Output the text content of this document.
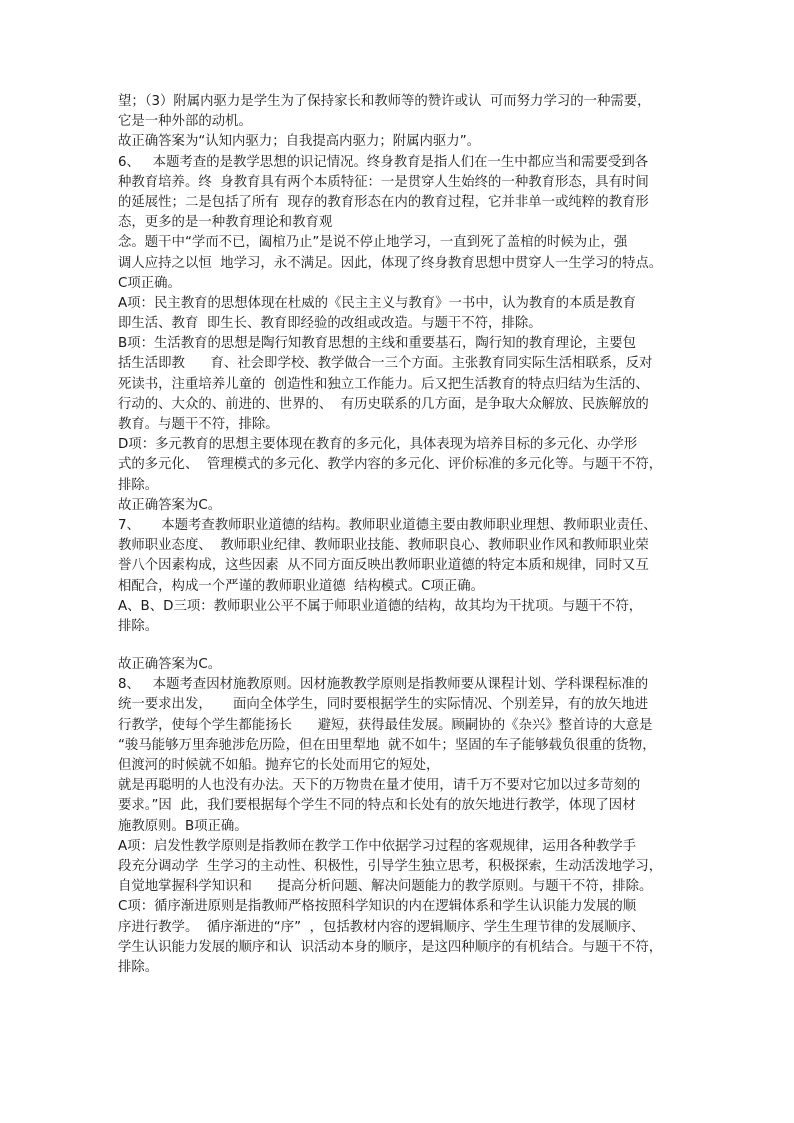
望；（3）附属内驱力是学生为了保持家长和教师等的赞许或认  可而努力学习的一种需要，
它是一种外部的动机。
故正确答案为“认知内驱力；自我提高内驱力；附属内驱力”。
6、   本题考查的是教学思想的识记情况。终身教育是指人们在一生中都应当和需要受到各
种教育培养。终  身教育具有两个本质特征：一是贯穿人生始终的一种教育形态，具有时间
的延展性；二是包括了所有  现存的教育形态在内的教育过程，它并非单一或纯粹的教育形
态，更多的是一种教育理论和教育观
念。题干中“学而不已，阖棺乃止”是说不停止地学习，一直到死了盖棺的时候为止，强
调人应持之以恒  地学习，永不满足。因此，体现了终身教育思想中贯穿人一生学习的特点。
C项正确。
A项：民主教育的思想体现在杜威的《民主主义与教育》一书中，认为教育的本质是教育
即生活、教育  即生长、教育即经验的改组或改造。与题干不符，排除。
B项：生活教育的思想是陶行知教育思想的主线和重要基石，陶行知的教育理论，主要包
括生活即教      育、社会即学校、教学做合一三个方面。主张教育同实际生活相联系，反对
死读书，注重培养儿童的  创造性和独立工作能力。后又把生活教育的特点归结为生活的、
行动的、大众的、前进的、世界的、  有历史联系的几方面，是争取大众解放、民族解放的
教育。与题干不符，排除。
D项：多元教育的思想主要体现在教育的多元化，具体表现为培养目标的多元化、办学形
式的多元化、  管理模式的多元化、教学内容的多元化、评价标准的多元化等。与题干不符，
排除。
故正确答案为C。
7、     本题考查教师职业道德的结构。教师职业道德主要由教师职业理想、教师职业责任、
教师职业态度、  教师职业纪律、教师职业技能、教师职良心、教师职业作风和教师职业荣
誉八个因素构成，这些因素  从不同方面反映出教师职业道德的特定本质和规律，同时又互
相配合，构成一个严谨的教师职业道德  结构模式。C项正确。
A、B、D三项：教师职业公平不属于师职业道德的结构，故其均为干扰项。与题干不符，
排除。
故正确答案为C。
8、   本题考查因材施教原则。因材施教教学原则是指教师要从课程计划、学科课程标准的
统一要求出发，     面向全体学生，同时要根据学生的实际情况、个别差异，有的放矢地进
行教学，使每个学生都能扬长      避短，获得最佳发展。顾嗣协的《杂兴》整首诗的大意是
“骏马能够万里奔驰涉危历险，但在田里犁地  就不如牛；坚固的车子能够载负很重的货物，
但渡河的时候就不如船。抛弃它的长处而用它的短处，
就是再聪明的人也没有办法。天下的万物贵在量才使用，请千万不要对它加以过多苛刻的
要求。”因  此，我们要根据每个学生不同的特点和长处有的放矢地进行教学，体现了因材
施教原则。B项正确。
A项：启发性教学原则是指教师在教学工作中依据学习过程的客观规律，运用各种教学手
段充分调动学  生学习的主动性、积极性，引导学生独立思考，积极探索，生动活泼地学习，
自觉地掌握科学知识和      提高分析问题、解决问题能力的教学原则。与题干不符，排除。
C项：循序渐进原则是指教师严格按照科学知识的内在逻辑体系和学生认识能力发展的顺
序进行教学。  循序渐进的“序”  ，包括教材内容的逻辑顺序、学生生理节律的发展顺序、
学生认识能力发展的顺序和认  识活动本身的顺序，是这四种顺序的有机结合。与题干不符，
排除。
